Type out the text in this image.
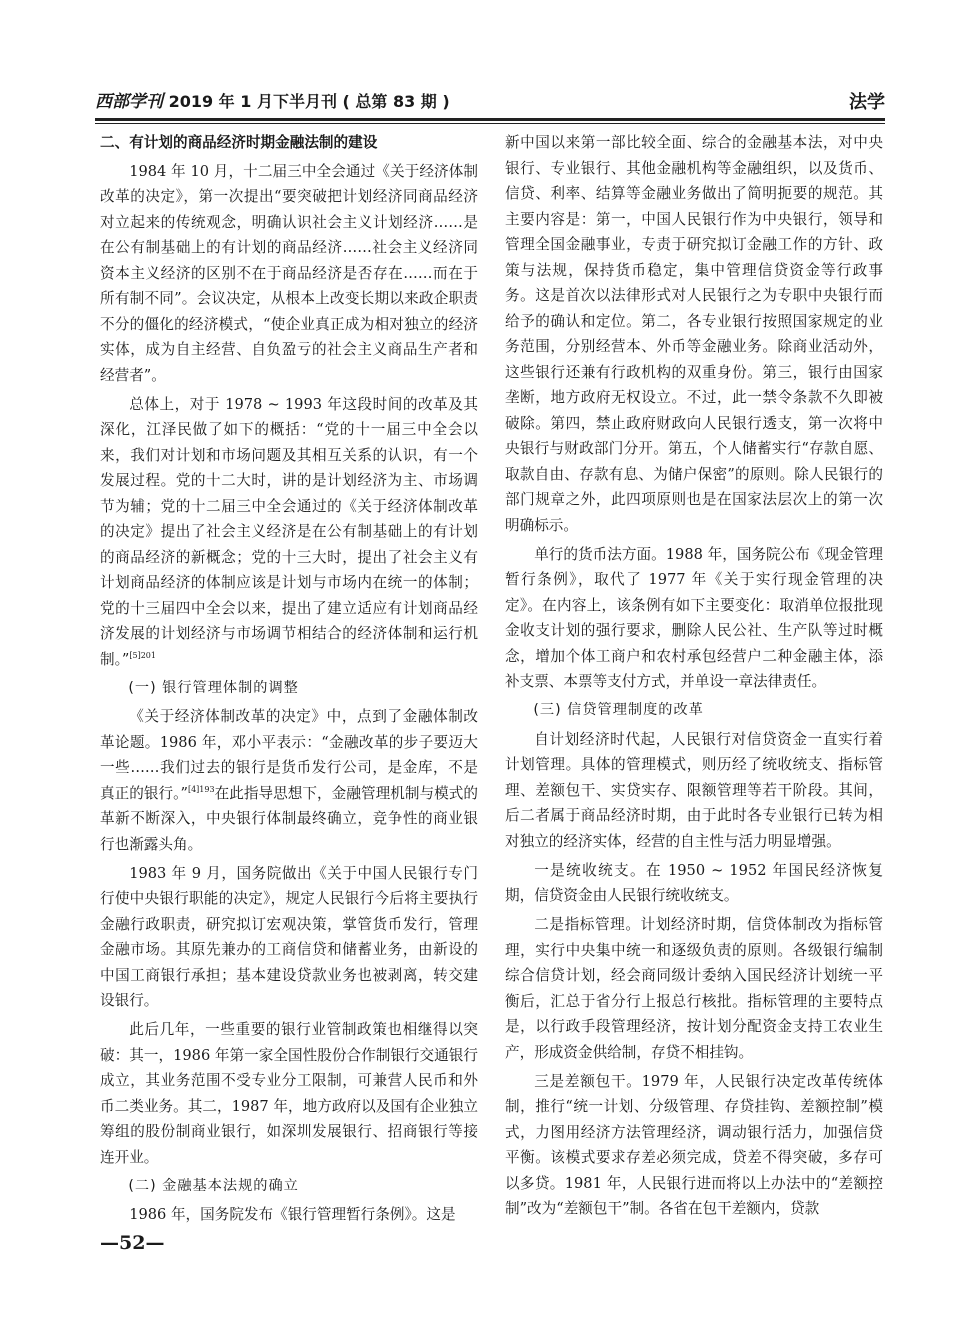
西部学刊 2019 年 1 月下半月刊 ( 总第 83 期 )	法学
二、有计划的商品经济时期金融法制的建设

1984 年 10 月，十二届三中全会通过《关于经济体制改革的决定》，第一次提出“要突破把计划经济同商品经济对立起来的传统观念，明确认识社会主义计划经济……是在公有制基础上的有计划的商品经济……社会主义经济同资本主义经济的区别不在于商品经济是否存在……而在于所有制不同”。会议决定，从根本上改变长期以来政企职责不分的僵化的经济模式，“使企业真正成为相对独立的经济实体，成为自主经营、自负盈亏的社会主义商品生产者和经营者”。

总体上，对于 1978 ~ 1993 年这段时间的改革及其深化，江泽民做了如下的概括：“党的十一届三中全会以来，我们对计划和市场问题及其相互关系的认识，有一个发展过程。党的十二大时，讲的是计划经济为主、市场调节为辅；党的十二届三中全会通过的《关于经济体制改革的决定》提出了社会主义经济是在公有制基础上的有计划的商品经济的新概念；党的十三大时，提出了社会主义有计划商品经济的体制应该是计划与市场内在统一的体制；党的十三届四中全会以来，提出了建立适应有计划商品经济发展的计划经济与市场调节相结合的经济体制和运行机制。”$^{[5]201}$

(一) 银行管理体制的调整

《关于经济体制改革的决定》中，点到了金融体制改革论题。1986 年，邓小平表示：“金融改革的步子要迈大一些……我们过去的银行是货币发行公司，是金库，不是真正的银行。”$^{[4]193}$在此指导思想下，金融管理机制与模式的革新不断深入，中央银行体制最终确立，竞争性的商业银行也渐露头角。

1983 年 9 月，国务院做出《关于中国人民银行专门行使中央银行职能的决定》，规定人民银行今后将主要执行金融行政职责，研究拟订宏观决策，掌管货币发行，管理金融市场。其原先兼办的工商信贷和储蓄业务，由新设的中国工商银行承担；基本建设贷款业务也被剥离，转交建设银行。

此后几年，一些重要的银行业管制政策也相继得以突破：其一，1986 年第一家全国性股份合作制银行交通银行成立，其业务范围不受专业分工限制，可兼营人民币和外币二类业务。其二，1987 年，地方政府以及国有企业独立筹组的股份制商业银行，如深圳发展银行、招商银行等接连开业。

(二) 金融基本法规的确立

1986 年，国务院发布《银行管理暂行条例》。这是

新中国以来第一部比较全面、综合的金融基本法，对中央银行、专业银行、其他金融机构等金融组织，以及货币、信贷、利率、结算等金融业务做出了简明扼要的规范。其主要内容是：第一，中国人民银行作为中央银行，领导和管理全国金融事业，专责于研究拟订金融工作的方针、政策与法规，保持货币稳定，集中管理信贷资金等行政事务。这是首次以法律形式对人民银行之为专职中央银行而给予的确认和定位。第二，各专业银行按照国家规定的业务范围，分别经营本、外币等金融业务。除商业活动外，这些银行还兼有行政机构的双重身份。第三，银行由国家垄断，地方政府无权设立。不过，此一禁令条款不久即被破除。第四，禁止政府财政向人民银行透支，第一次将中央银行与财政部门分开。第五，个人储蓄实行“存款自愿、取款自由、存款有息、为储户保密”的原则。除人民银行的部门规章之外，此四项原则也是在国家法层次上的第一次明确标示。

单行的货币法方面。1988 年，国务院公布《现金管理暂行条例》，取代了 1977 年《关于实行现金管理的决定》。在内容上，该条例有如下主要变化：取消单位报批现金收支计划的强行要求，删除人民公社、生产队等过时概念，增加个体工商户和农村承包经营户二种金融主体，添补支票、本票等支付方式，并单设一章法律责任。

(三) 信贷管理制度的改革

自计划经济时代起，人民银行对信贷资金一直实行着计划管理。具体的管理模式，则历经了统收统支、指标管理、差额包干、实贷实存、限额管理等若干阶段。其间，后二者属于商品经济时期，由于此时各专业银行已转为相对独立的经济实体，经营的自主性与活力明显增强。

一是统收统支。在 1950 ~ 1952 年国民经济恢复期，信贷资金由人民银行统收统支。

二是指标管理。计划经济时期，信贷体制改为指标管理，实行中央集中统一和逐级负责的原则。各级银行编制综合信贷计划，经会商同级计委纳入国民经济计划统一平衡后，汇总于省分行上报总行核批。指标管理的主要特点是，以行政手段管理经济，按计划分配资金支持工农业生产，形成资金供给制，存贷不相挂钩。

三是差额包干。1979 年，人民银行决定改革传统体制，推行“统一计划、分级管理、存贷挂钩、差额控制”模式，力图用经济方法管理经济，调动银行活力，加强信贷平衡。该模式要求存差必须完成，贷差不得突破，多存可以多贷。1981 年，人民银行进而将以上办法中的“差额控制”改为“差额包干”制。各省在包干差额内，贷款

—52—
